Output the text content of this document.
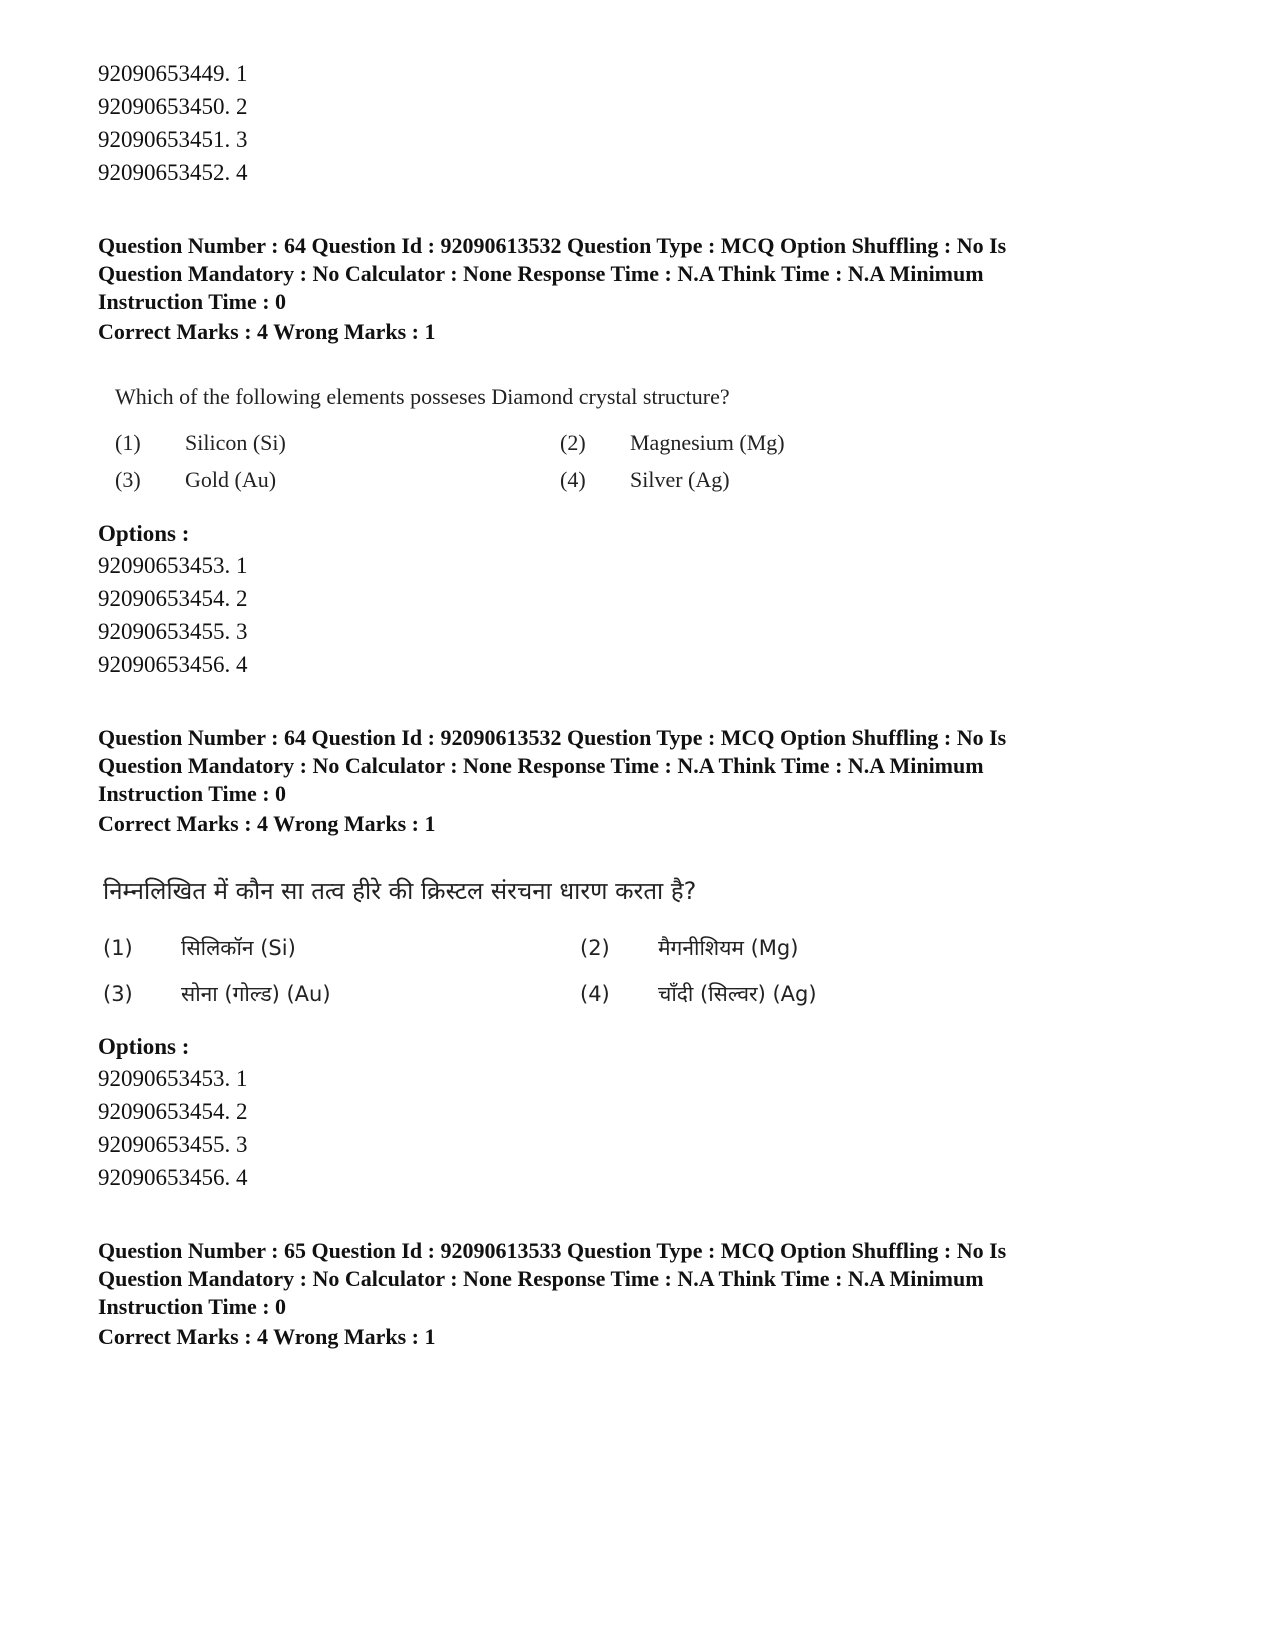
92090653449. 1
92090653450. 2
92090653451. 3
92090653452. 4
Question Number : 64 Question Id : 92090613532 Question Type : MCQ Option Shuffling : No Is
Question Mandatory : No Calculator : None Response Time : N.A Think Time : N.A Minimum
Instruction Time : 0
Correct Marks : 4 Wrong Marks : 1
Which of the following elements posseses Diamond crystal structure?
(1) Silicon (Si)	(2) Magnesium (Mg)
(3) Gold (Au)	(4) Silver (Ag)
Options :
92090653453. 1
92090653454. 2
92090653455. 3
92090653456. 4
Question Number : 64 Question Id : 92090613532 Question Type : MCQ Option Shuffling : No Is
Question Mandatory : No Calculator : None Response Time : N.A Think Time : N.A Minimum
Instruction Time : 0
Correct Marks : 4 Wrong Marks : 1
निम्नलिखित में कौन सा तत्व हीरे की क्रिस्टल संरचना धारण करता है?
(1) सिलिकॉन (Si)	(2) मैगनीशियम (Mg)
(3) सोना (गोल्ड) (Au)	(4) चाँदी (सिल्वर) (Ag)
Options :
92090653453. 1
92090653454. 2
92090653455. 3
92090653456. 4
Question Number : 65 Question Id : 92090613533 Question Type : MCQ Option Shuffling : No Is
Question Mandatory : No Calculator : None Response Time : N.A Think Time : N.A Minimum
Instruction Time : 0
Correct Marks : 4 Wrong Marks : 1
